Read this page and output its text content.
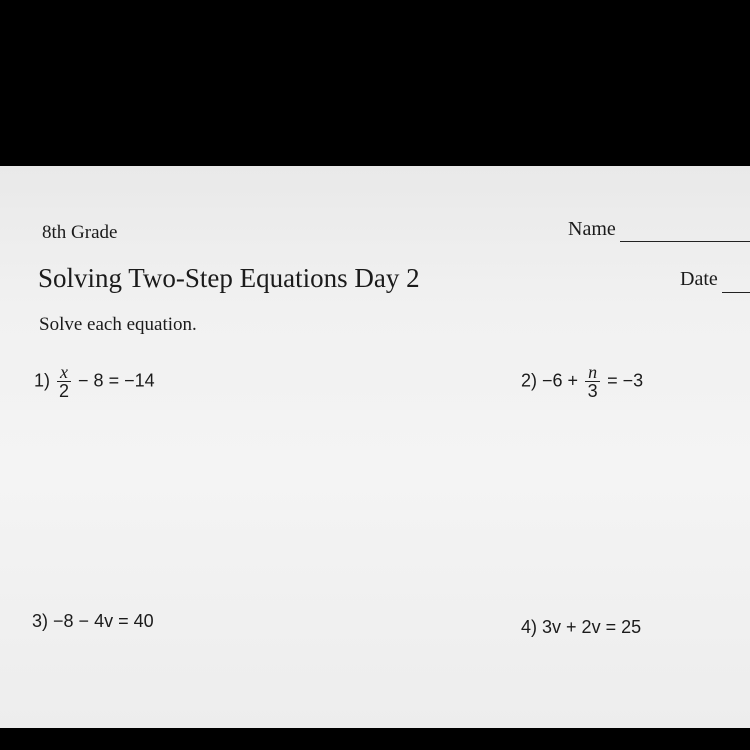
8th Grade	Name
Solving Two-Step Equations Day 2	Date
Solve each equation.
$1) \frac{x}{2} - 8 = -14$	$2) -6 + \frac{n}{3} = -3$
3) −8 − 4v = 40	4) 3v + 2v = 25
